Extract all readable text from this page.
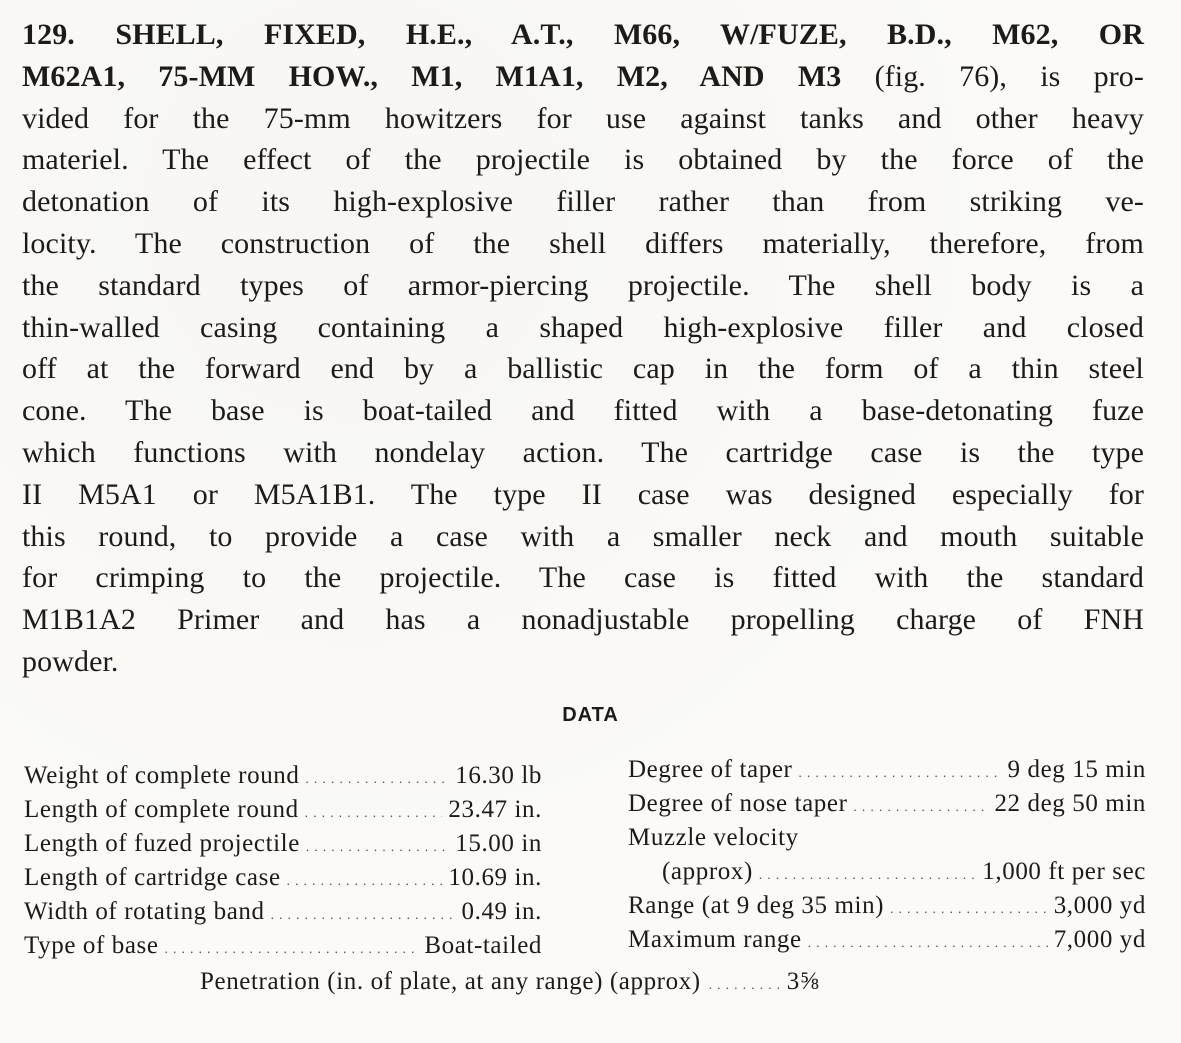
129. SHELL, FIXED, H.E., A.T., M66, W/FUZE, B.D., M62, OR
M62A1, 75-MM HOW., M1, M1A1, M2, AND M3 (fig. 76), is pro-
vided for the 75-mm howitzers for use against tanks and other heavy
materiel. The effect of the projectile is obtained by the force of the
detonation of its high-explosive filler rather than from striking ve-
locity. The construction of the shell differs materially, therefore, from
the standard types of armor-piercing projectile. The shell body is a
thin-walled casing containing a shaped high-explosive filler and closed
off at the forward end by a ballistic cap in the form of a thin steel
cone. The base is boat-tailed and fitted with a base-detonating fuze
which functions with nondelay action. The cartridge case is the type
II M5A1 or M5A1B1. The type II case was designed especially for
this round, to provide a case with a smaller neck and mouth suitable
for crimping to the projectile. The case is fitted with the standard
M1B1A2 Primer and has a nonadjustable propelling charge of FNH
powder.
DATA
Weight of complete round . . .	16.30 lb
Length of complete round . . .	23.47 in.
Length of fuzed projectile . . .	15.00 in
Length of cartridge case . . .	10.69 in.
Width of rotating band . . .	0.49 in.
Type of base . . .	Boat-tailed
Degree of taper . . .	9 deg 15 min
Degree of nose taper . . .	22 deg 50 min
Muzzle velocity
(approx) . . .	1,000 ft per sec
Range (at 9 deg 35 min) . . .	3,000 yd
Maximum range . . .	7,000 yd
Penetration (in. of plate, at any range) (approx) . . .	3⅝
